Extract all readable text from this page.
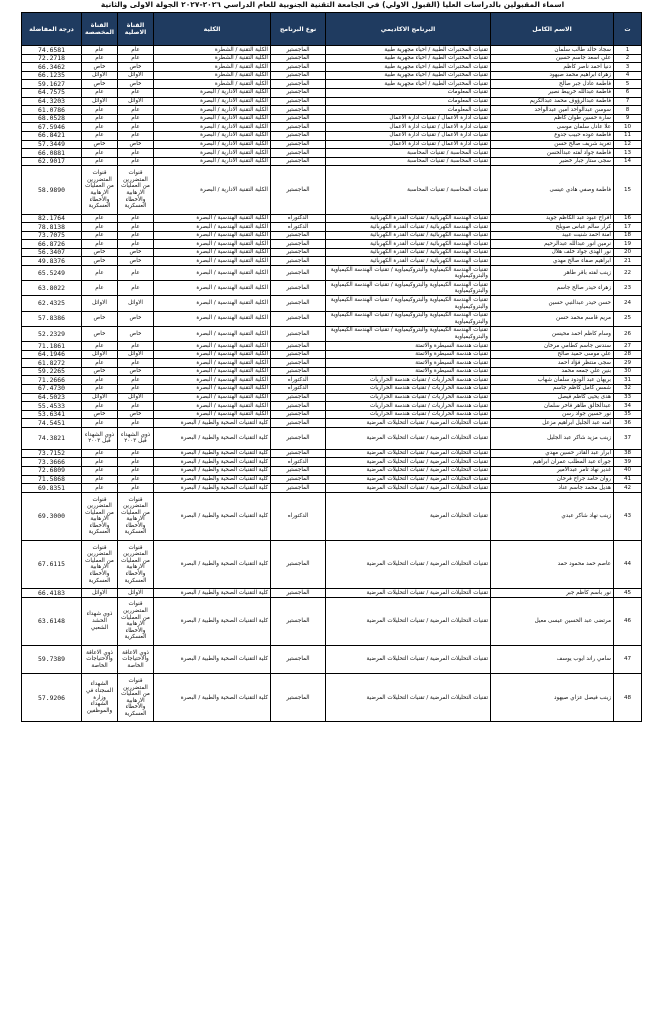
اسماء المقبولين بالدراسات العليا (القبول الاولي) في الجامعة التقنية الجنوبية للعام الدراسي ٢٠٢٦-٢٠٢٧ الجولة الاولى والثانية
ت	الاسم الكامل	البرنامج الاكاديمي	نوع البرنامج	الكلية	القناة الاصلية	القناة المخصصة	درجة المفاضلة
1	سجاد خالد طالب سلمان	تقنيات المختبرات الطبية / احياء مجهرية طبية	الماجستير	الكلية التقنية / الشطرة	عام	عام	74.6581
2	علي اسعد جاسم حسين	تقنيات المختبرات الطبية / احياء مجهرية طبية	الماجستير	الكلية التقنية / الشطرة	عام	عام	72.2718
3	دنيا احمد ناصر كاظم	تقنيات المختبرات الطبية / احياء مجهرية طبية	الماجستير	الكلية التقنية / الشطرة	خاص	خاص	66.3462
4	زهراء ابراهيم محمد صيهود	تقنيات المختبرات الطبية / احياء مجهرية طبية	الماجستير	الكلية التقنية / الشطرة	الاوائل	الاوائل	66.1235
5	فاطمة عادل جبر صالح	تقنيات المختبرات الطبية / احياء مجهرية طبية	الماجستير	الكلية التقنية / الشطرة	خاص	خاص	59.1627
6	فاطمة عبدالله خريبط نصير	تقنيات المعلومات	الماجستير	الكلية التقنية الادارية / البصرة	عام	عام	64.7575
7	فاطمة عبدالرؤوف محمد عبدالكريم	تقنيات المعلومات	الماجستير	الكلية التقنية الادارية / البصرة	الاوائل	الاوائل	64.3203
8	سوسن عبدالواحد امين عبدالواحد	تقنيات المعلومات	الماجستير	الكلية التقنية الادارية / البصرة	عام	عام	61.0786
9	سارة حسين طوان كاظم	تقنيات ادارة الاعمال / تقنيات ادارة الاعمال	الماجستير	الكلية التقنية الادارية / البصرة	عام	عام	68.0528
10	علا عادل سلمان موسى	تقنيات ادارة الاعمال / تقنيات ادارة الاعمال	الماجستير	الكلية التقنية الادارية / البصرة	عام	عام	67.5946
11	فاطمة عوده حبيب جدوع	تقنيات ادارة الاعمال / تقنيات ادارة الاعمال	الماجستير	الكلية التقنية الادارية / البصرة	عام	عام	66.8421
12	تغريد شريف صالح حسن	تقنيات ادارة الاعمال / تقنيات ادارة الاعمال	الماجستير	الكلية التقنية الادارية / البصرة	خاص	خاص	57.3449
13	فاطمة جواد لفته عبدالحسن	تقنيات المحاسبة / تقنيات المحاسبة	الماجستير	الكلية التقنية الادارية / البصرة	عام	عام	66.0881
14	سجى ستار جبار خضير	تقنيات المحاسبة / تقنيات المحاسبة	الماجستير	الكلية التقنية الادارية / البصرة	عام	عام	62.9017
15	فاطمة وصفي هادي عيسى	تقنيات المحاسبة / تقنيات المحاسبة	الماجستير	الكلية التقنية الادارية / البصرة	قنوات المتضررين من العمليات الارهابية والأخطاء العسكرية	قنوات المتضررين من العمليات الارهابية والأخطاء العسكرية	58.9890
16	افراح عبود عبد الكاظم جويد	تقنيات الهندسة الكهربائية / تقنيات القدرة الكهربائية	الدكتوراه	الكلية التقنية الهندسية / البصرة	عام	عام	82.1764
17	كرار سالم عباس صويلح	تقنيات الهندسة الكهربائية / تقنيات القدرة الكهربائية	الدكتوراه	الكلية التقنية الهندسية / البصرة	عام	عام	78.8138
18	امنة احمد شنيت عبيد	تقنيات الهندسة الكهربائية / تقنيات القدرة الكهربائية	الماجستير	الكلية التقنية الهندسية / البصرة	عام	عام	73.7075
19	نرمين انور عبدالله عبدالرحيم	تقنيات الهندسة الكهربائية / تقنيات القدرة الكهربائية	الماجستير	الكلية التقنية الهندسية / البصرة	عام	عام	66.8726
20	نور الهدى جواد خلف هلال	تقنيات الهندسة الكهربائية / تقنيات القدرة الكهربائية	الماجستير	الكلية التقنية الهندسية / البصرة	خاص	خاص	56.3407
21	ابراهيم صفاء صالح مهدي	تقنيات الهندسة الكهربائية / تقنيات القدرة الكهربائية	الماجستير	الكلية التقنية الهندسية / البصرة	خاص	خاص	49.8376
22	زينب لفته باقر طاهر	تقنيات الهندسة الكيمياوية والبتروكيمياوية / تقنيات الهندسة الكيمياوية والبتروكيمياوية	الماجستير	الكلية التقنية الهندسية / البصرة	عام	عام	65.5249
23	زهراء حيدر صالح جاسم	تقنيات الهندسة الكيمياوية والبتروكيمياوية / تقنيات الهندسة الكيمياوية والبتروكيمياوية	الماجستير	الكلية التقنية الهندسية / البصرة	عام	عام	63.8022
24	حسن حيدر عبدالنبي حسين	تقنيات الهندسة الكيمياوية والبتروكيمياوية / تقنيات الهندسة الكيمياوية والبتروكيمياوية	الماجستير	الكلية التقنية الهندسية / البصرة	الاوائل	الاوائل	62.4325
25	مريم قاسم محمد حسن	تقنيات الهندسة الكيمياوية والبتروكيمياوية / تقنيات الهندسة الكيمياوية والبتروكيمياوية	الماجستير	الكلية التقنية الهندسية / البصرة	خاص	خاص	57.8386
26	وسام كاظم احمد محيسن	تقنيات الهندسة الكيمياوية والبتروكيمياوية / تقنيات الهندسة الكيمياوية والبتروكيمياوية	الماجستير	الكلية التقنية الهندسية / البصرة	خاص	خاص	52.2329
27	سندس جاسم كطامي مرخان	تقنيات هندسة السيطرة والاتمتة	الماجستير	الكلية التقنية الهندسية / البصرة	عام	عام	71.1861
28	علي موسى حميد صالح	تقنيات هندسة السيطرة والاتمتة	الماجستير	الكلية التقنية الهندسية / البصرة	الاوائل	الاوائل	64.1946
29	سجى منتظر فؤاد احمد	تقنيات هندسة السيطرة والاتمتة	الماجستير	الكلية التقنية الهندسية / البصرة	عام	عام	61.8272
30	بنين علي جمعه محمد	تقنيات هندسة السيطرة والاتمتة	الماجستير	الكلية التقنية الهندسية / البصرة	خاص	خاص	59.2265
31	بريهان عبد الودود سلمان شهاب	تقنيات هندسة الحراريات / تقنيات هندسة الحراريات	الدكتوراه	الكلية التقنية الهندسية / البصرة	عام	عام	71.2666
32	شمس كامل كاظم جاسم	تقنيات هندسة الحراريات / تقنيات هندسة الحراريات	الدكتوراه	الكلية التقنية الهندسية / البصرة	عام	عام	67.4730
33	هدى يحيى كاظم فيصل	تقنيات هندسة الحراريات / تقنيات هندسة الحراريات	الماجستير	الكلية التقنية الهندسية / البصرة	الاوائل	الاوائل	64.5023
34	عبدالخالق طاهر فاخر سلمان	تقنيات هندسة الحراريات / تقنيات هندسة الحراريات	الماجستير	الكلية التقنية الهندسية / البصرة	عام	عام	55.4533
35	نور حسين جواد رسن	تقنيات هندسة الحراريات / تقنيات هندسة الحراريات	الماجستير	الكلية التقنية الهندسية / البصرة	خاص	خاص	53.6341
36	امنه عبد الجليل ابراهيم مزعل	تقنيات التحليلات المرضية / تقنيات التحليلات المرضية	الماجستير	كلية التقنيات الصحية والطبية / البصرة	عام	عام	74.5451
37	زينب مزيد شاكر عبد الجليل	تقنيات التحليلات المرضية / تقنيات التحليلات المرضية	الماجستير	كلية التقنيات الصحية والطبية / البصرة	ذوي الشهداء قبل ٢٠٠٣	ذوي الشهداء قبل ٢٠٠٣	74.3821
38	ابرار عبد القادر حسين مهدي	تقنيات التحليلات المرضية / تقنيات التحليلات المرضية	الماجستير	كلية التقنيات الصحية والطبية / البصرة	عام	عام	73.7152
39	جوراء عبد المطلب عمران ابراهيم	تقنيات التحليلات المرضية / تقنيات التحليلات المرضية	الدكتوراه	كلية التقنيات الصحية والطبية / البصرة	عام	عام	73.3666
40	غدير نهاد تامر عبدالامير	تقنيات التحليلات المرضية / تقنيات التحليلات المرضية	الماجستير	كلية التقنيات الصحية والطبية / البصرة	عام	عام	72.6809
41	روان حامد جراح فرحان	تقنيات التحليلات المرضية / تقنيات التحليلات المرضية	الماجستير	كلية التقنيات الصحية والطبية / البصرة	عام	عام	71.5868
42	هديل محمد جاسم عناد	تقنيات التحليلات المرضية / تقنيات التحليلات المرضية	الماجستير	كلية التقنيات الصحية والطبية / البصرة	عام	عام	69.8351
43	زينب نهاد شاكر عبدي	تقنيات التحليلات المرضية	الدكتوراه	كلية التقنيات الصحية والطبية / البصرة	قنوات المتضررين من العمليات الارهابية والأخطاء العسكرية	قنوات المتضررين من العمليات الارهابية والأخطاء العسكرية	69.3000
44	عاصم حمد محمود حمد	تقنيات التحليلات المرضية / تقنيات التحليلات المرضية	الماجستير	كلية التقنيات الصحية والطبية / البصرة	قنوات المتضررين من العمليات الارهابية والأخطاء العسكرية	قنوات المتضررين من العمليات الارهابية والأخطاء العسكرية	67.6115
45	نور باسم كاظم جبر	تقنيات التحليلات المرضية / تقنيات التحليلات المرضية	الماجستير	كلية التقنيات الصحية والطبية / البصرة	الاوائل	الاوائل	66.4183
46	مرتضى عبد الحسين عيسى معيل	تقنيات التحليلات المرضية / تقنيات التحليلات المرضية	الماجستير	كلية التقنيات الصحية والطبية / البصرة	قنوات المتضررين من العمليات الارهابية والأخطاء العسكرية	ذوي شهداء الحشد الشعبي	63.6148
47	سامي راند ايوب يوسف	تقنيات التحليلات المرضية / تقنيات التحليلات المرضية	الماجستير	كلية التقنيات الصحية والطبية / البصرة	ذوي الاعاقة والاحتياجات الخاصة	ذوي الاعاقة والاحتياجات الخاصة	59.7389
48	زينب فيصل عزاي صيهود	تقنيات التحليلات المرضية / تقنيات التحليلات المرضية	الماجستير	كلية التقنيات الصحية والطبية / البصرة	قنوات المتضررين من العمليات الارهابية والأخطاء العسكرية	الشهداء السجناء في وزارة الشهداء والموظفين	57.9206
